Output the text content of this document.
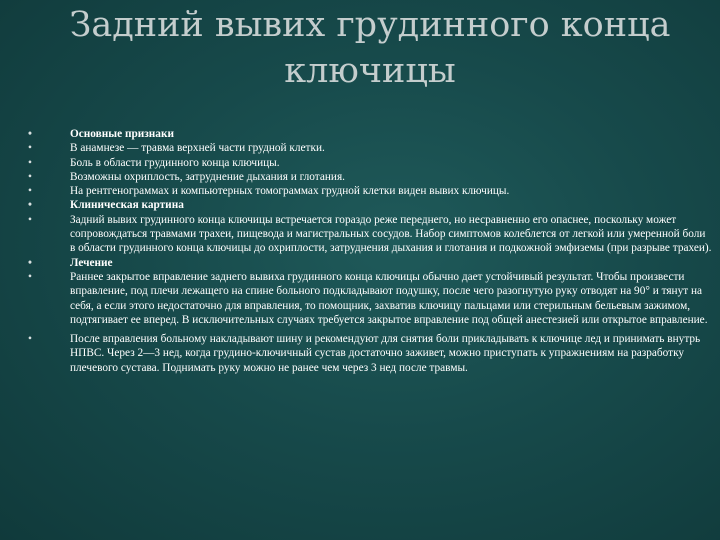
Задний вывих грудинного конца ключицы
•	Основные признаки
•	В анамнезе — травма верхней части грудной клетки.
•	Боль в области грудинного конца ключицы.
•	Возможны охриплость, затруднение дыхания и глотания.
•	На рентгенограммах и компьютерных томограммах грудной клетки виден вывих ключицы.
•	Клиническая картина
•	Задний вывих грудинного конца ключицы встречается гораздо реже переднего, но несравненно его опаснее, поскольку может сопровождаться травмами трахеи, пищевода и магистральных сосудов. Набор симптомов колеблется от легкой или умеренной боли в области грудинного конца ключицы до охриплости, затруднения дыхания и глотания и подкожной эмфиземы (при разрыве трахеи).
•	Лечение
•	Раннее закрытое вправление заднего вывиха грудинного конца ключицы обычно дает устойчивый результат. Чтобы произвести вправление, под плечи лежащего на спине больного подкладывают подушку, после чего разогнутую руку отводят на 90° и тянут на себя, а если этого недостаточно для вправления, то помощник, захватив ключицу пальцами или стерильным бельевым зажимом, подтягивает ее вперед. В исключительных случаях требуется закрытое вправление под общей анестезией или открытое вправление.
•	После вправления больному накладывают шину и рекомендуют для снятия боли прикладывать к ключице лед и принимать внутрь НПВС. Через 2—3 нед, когда грудино-ключичный сустав достаточно заживет, можно приступать к упражнениям на разработку плечевого сустава. Поднимать руку можно не ранее чем через 3 нед после травмы.
